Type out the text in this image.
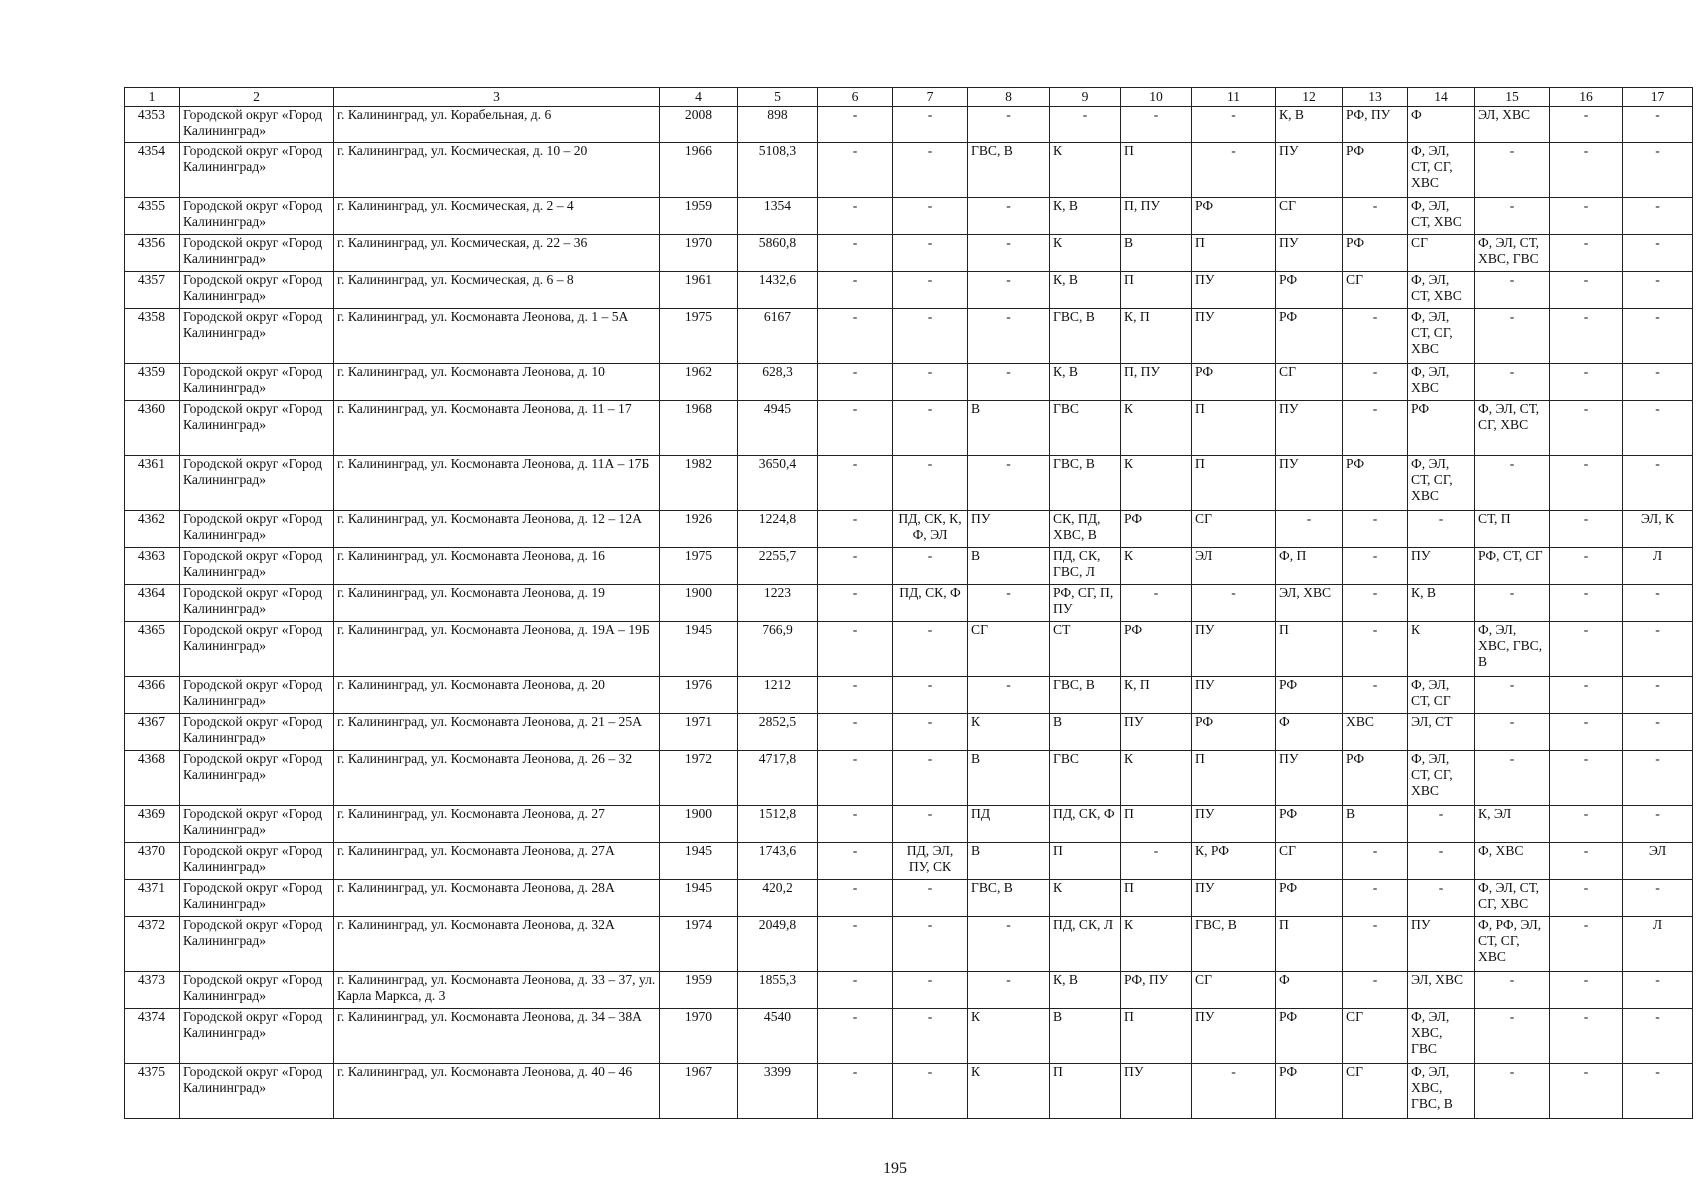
1	2	3	4	5	6	7	8	9	10	11	12	13	14	15	16	17
4353	Городской округ «Город Калининград»	г. Калининград, ул. Корабельная, д. 6	2008	898	-	-	-	-	-	-	К, В	РФ, ПУ	Ф	ЭЛ, ХВС	-	-
4354	Городской округ «Город Калининград»	г. Калининград, ул. Космическая, д. 10 – 20	1966	5108,3	-	-	ГВС, В	К	П	-	ПУ	РФ	Ф, ЭЛ, СТ, СГ, ХВС	-	-	-
4355	Городской округ «Город Калининград»	г. Калининград, ул. Космическая, д. 2 – 4	1959	1354	-	-	-	К, В	П, ПУ	РФ	СГ	-	Ф, ЭЛ, СТ, ХВС	-	-	-
4356	Городской округ «Город Калининград»	г. Калининград, ул. Космическая, д. 22 – 36	1970	5860,8	-	-	-	К	В	П	ПУ	РФ	СГ	Ф, ЭЛ, СТ, ХВС, ГВС	-	-
4357	Городской округ «Город Калининград»	г. Калининград, ул. Космическая, д. 6 – 8	1961	1432,6	-	-	-	К, В	П	ПУ	РФ	СГ	Ф, ЭЛ, СТ, ХВС	-	-	-
4358	Городской округ «Город Калининград»	г. Калининград, ул. Космонавта Леонова, д. 1 – 5А	1975	6167	-	-	-	ГВС, В	К, П	ПУ	РФ	-	Ф, ЭЛ, СТ, СГ, ХВС	-	-	-
4359	Городской округ «Город Калининград»	г. Калининград, ул. Космонавта Леонова, д. 10	1962	628,3	-	-	-	К, В	П, ПУ	РФ	СГ	-	Ф, ЭЛ, ХВС	-	-	-
4360	Городской округ «Город Калининград»	г. Калининград, ул. Космонавта Леонова, д. 11 – 17	1968	4945	-	-	В	ГВС	К	П	ПУ	-	РФ	Ф, ЭЛ, СТ, СГ, ХВС	-	-
4361	Городской округ «Город Калининград»	г. Калининград, ул. Космонавта Леонова, д. 11А – 17Б	1982	3650,4	-	-	-	ГВС, В	К	П	ПУ	РФ	Ф, ЭЛ, СТ, СГ, ХВС	-	-	-
4362	Городской округ «Город Калининград»	г. Калининград, ул. Космонавта Леонова, д. 12 – 12А	1926	1224,8	-	ПД, СК, К, Ф, ЭЛ	ПУ	СК, ПД, ХВС, В	РФ	СГ	-	-	-	СТ, П	-	ЭЛ, К
4363	Городской округ «Город Калининград»	г. Калининград, ул. Космонавта Леонова, д. 16	1975	2255,7	-	-	В	ПД, СК, ГВС, Л	К	ЭЛ	Ф, П	-	ПУ	РФ, СТ, СГ	-	Л
4364	Городской округ «Город Калининград»	г. Калининград, ул. Космонавта Леонова, д. 19	1900	1223	-	ПД, СК, Ф	-	РФ, СГ, П, ПУ	-	-	ЭЛ, ХВС	-	К, В	-	-	-
4365	Городской округ «Город Калининград»	г. Калининград, ул. Космонавта Леонова, д. 19А – 19Б	1945	766,9	-	-	СГ	СТ	РФ	ПУ	П	-	К	Ф, ЭЛ, ХВС, ГВС, В	-	-
4366	Городской округ «Город Калининград»	г. Калининград, ул. Космонавта Леонова, д. 20	1976	1212	-	-	-	ГВС, В	К, П	ПУ	РФ	-	Ф, ЭЛ, СТ, СГ	-	-	-
4367	Городской округ «Город Калининград»	г. Калининград, ул. Космонавта Леонова, д. 21 – 25А	1971	2852,5	-	-	К	В	ПУ	РФ	Ф	ХВС	ЭЛ, СТ	-	-	-
4368	Городской округ «Город Калининград»	г. Калининград, ул. Космонавта Леонова, д. 26 – 32	1972	4717,8	-	-	В	ГВС	К	П	ПУ	РФ	Ф, ЭЛ, СТ, СГ, ХВС	-	-	-
4369	Городской округ «Город Калининград»	г. Калининград, ул. Космонавта Леонова, д. 27	1900	1512,8	-	-	ПД	ПД, СК, Ф	П	ПУ	РФ	В	-	К, ЭЛ	-	-
4370	Городской округ «Город Калининград»	г. Калининград, ул. Космонавта Леонова, д. 27А	1945	1743,6	-	ПД, ЭЛ, ПУ, СК	В	П	-	К, РФ	СГ	-	-	Ф, ХВС	-	ЭЛ
4371	Городской округ «Город Калининград»	г. Калининград, ул. Космонавта Леонова, д. 28А	1945	420,2	-	-	ГВС, В	К	П	ПУ	РФ	-	-	Ф, ЭЛ, СТ, СГ, ХВС	-	-
4372	Городской округ «Город Калининград»	г. Калининград, ул. Космонавта Леонова, д. 32А	1974	2049,8	-	-	-	ПД, СК, Л	К	ГВС, В	П	-	ПУ	Ф, РФ, ЭЛ, СТ, СГ, ХВС	-	Л
4373	Городской округ «Город Калининград»	г. Калининград, ул. Космонавта Леонова, д. 33 – 37, ул. Карла Маркса, д. 3	1959	1855,3	-	-	-	К, В	РФ, ПУ	СГ	Ф	-	ЭЛ, ХВС	-	-	-
4374	Городской округ «Город Калининград»	г. Калининград, ул. Космонавта Леонова, д. 34 – 38А	1970	4540	-	-	К	В	П	ПУ	РФ	СГ	Ф, ЭЛ, ХВС, ГВС	-	-	-
4375	Городской округ «Город Калининград»	г. Калининград, ул. Космонавта Леонова, д. 40 – 46	1967	3399	-	-	К	П	ПУ	-	РФ	СГ	Ф, ЭЛ, ХВС, ГВС, В	-	-	-
195
